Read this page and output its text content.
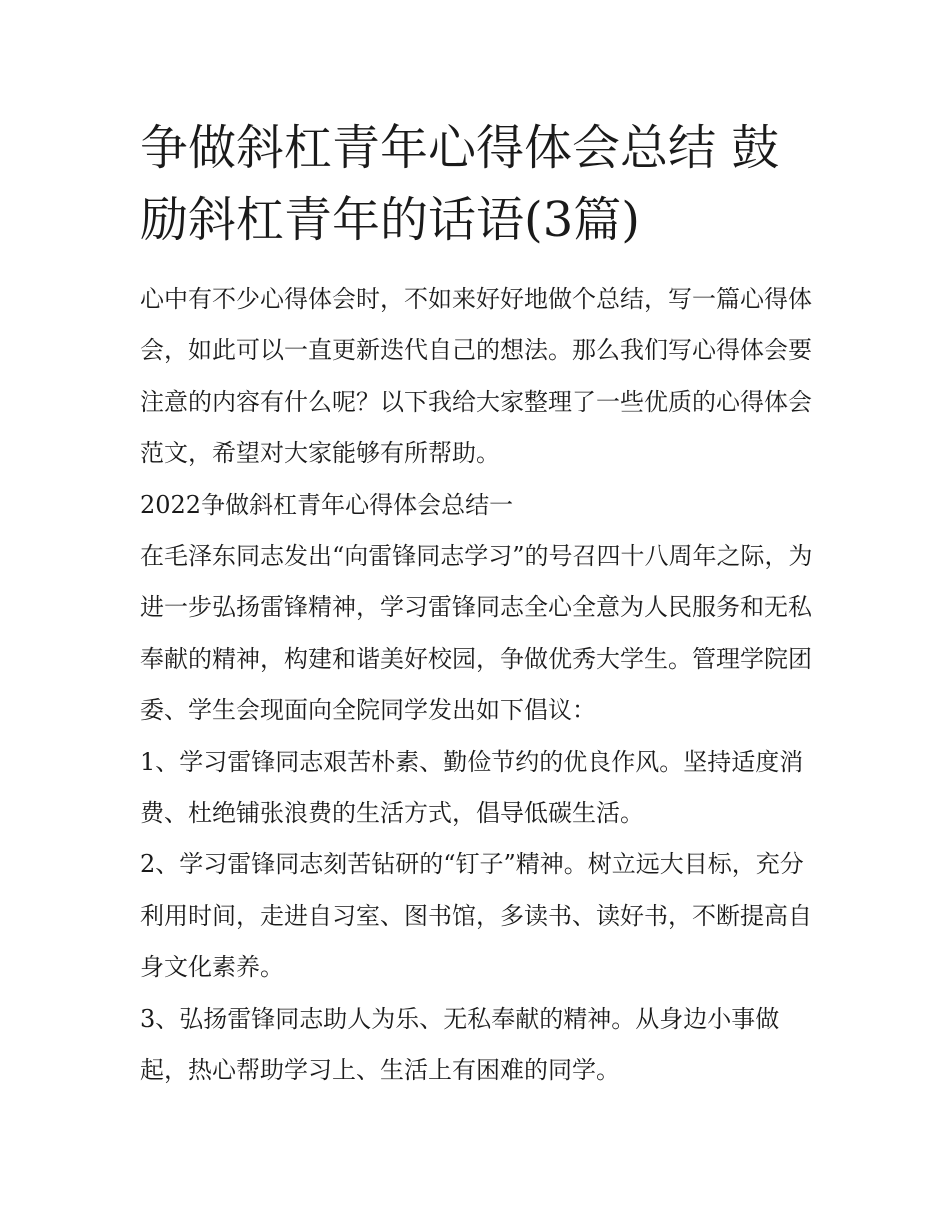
争做斜杠青年心得体会总结 鼓励斜杠青年的话语(3篇)

心中有不少心得体会时，不如来好好地做个总结，写一篇心得体会，如此可以一直更新迭代自己的想法。那么我们写心得体会要注意的内容有什么呢？以下我给大家整理了一些优质的心得体会范文，希望对大家能够有所帮助。

2022争做斜杠青年心得体会总结一

在毛泽东同志发出“向雷锋同志学习”的号召四十八周年之际，为进一步弘扬雷锋精神，学习雷锋同志全心全意为人民服务和无私奉献的精神，构建和谐美好校园，争做优秀大学生。管理学院团委、学生会现面向全院同学发出如下倡议：

1、学习雷锋同志艰苦朴素、勤俭节约的优良作风。坚持适度消费、杜绝铺张浪费的生活方式，倡导低碳生活。

2、学习雷锋同志刻苦钻研的“钉子”精神。树立远大目标，充分利用时间，走进自习室、图书馆，多读书、读好书，不断提高自身文化素养。

3、弘扬雷锋同志助人为乐、无私奉献的精神。从身边小事做起，热心帮助学习上、生活上有困难的同学。
